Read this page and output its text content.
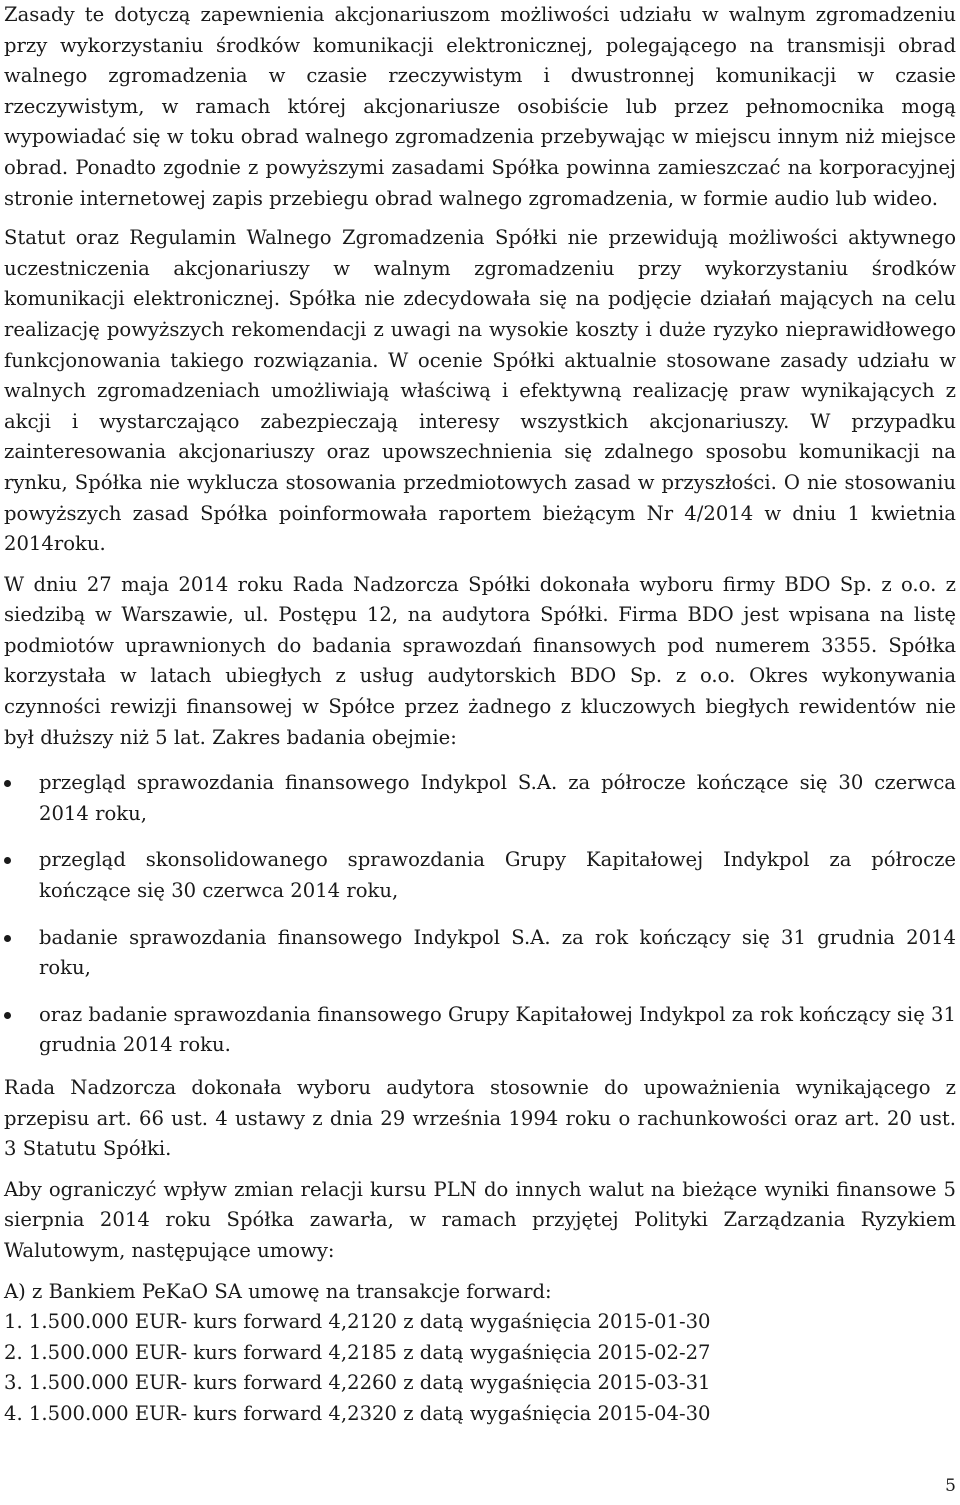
Zasady te dotyczą zapewnienia akcjonariuszom możliwości udziału w walnym zgromadzeniu przy wykorzystaniu środków komunikacji elektronicznej, polegającego na transmisji obrad walnego zgromadzenia w czasie rzeczywistym i dwustronnej komunikacji w czasie rzeczywistym, w ramach której akcjonariusze osobiście lub przez pełnomocnika mogą wypowiadać się w toku obrad walnego zgromadzenia przebywając w miejscu innym niż miejsce obrad. Ponadto zgodnie z powyższymi zasadami Spółka powinna zamieszczać na korporacyjnej stronie internetowej zapis przebiegu obrad walnego zgromadzenia, w formie audio lub wideo.

Statut oraz Regulamin Walnego Zgromadzenia Spółki nie przewidują możliwości aktywnego uczestniczenia akcjonariuszy w walnym zgromadzeniu przy wykorzystaniu środków komunikacji elektronicznej. Spółka nie zdecydowała się na podjęcie działań mających na celu realizację powyższych rekomendacji z uwagi na wysokie koszty i duże ryzyko nieprawidłowego funkcjonowania takiego rozwiązania. W ocenie Spółki aktualnie stosowane zasady udziału w walnych zgromadzeniach umożliwiają właściwą i efektywną realizację praw wynikających z akcji i wystarczająco zabezpieczają interesy wszystkich akcjonariuszy. W przypadku zainteresowania akcjonariuszy oraz upowszechnienia się zdalnego sposobu komunikacji na rynku, Spółka nie wyklucza stosowania przedmiotowych zasad w przyszłości. O nie stosowaniu powyższych zasad Spółka poinformowała raportem bieżącym Nr 4/2014 w dniu 1 kwietnia 2014roku.

W dniu 27 maja 2014 roku Rada Nadzorcza Spółki dokonała wyboru firmy BDO Sp. z o.o. z siedzibą w Warszawie, ul. Postępu 12, na audytora Spółki. Firma BDO jest wpisana na listę podmiotów uprawnionych do badania sprawozdań finansowych pod numerem 3355. Spółka korzystała w latach ubiegłych z usług audytorskich BDO Sp. z o.o. Okres wykonywania czynności rewizji finansowej w Spółce przez żadnego z kluczowych biegłych rewidentów nie był dłuższy niż 5 lat. Zakres badania obejmie:

przegląd sprawozdania finansowego Indykpol S.A. za półrocze kończące się 30 czerwca 2014 roku,
przegląd skonsolidowanego sprawozdania Grupy Kapitałowej Indykpol za półrocze kończące się 30 czerwca 2014 roku,
badanie sprawozdania finansowego Indykpol S.A. za rok kończący się 31 grudnia 2014 roku,
oraz badanie sprawozdania finansowego Grupy Kapitałowej Indykpol za rok kończący się 31 grudnia 2014 roku.

Rada Nadzorcza dokonała wyboru audytora stosownie do upoważnienia wynikającego z przepisu art. 66 ust. 4 ustawy z dnia 29 września 1994 roku o rachunkowości oraz art. 20 ust. 3 Statutu Spółki.

Aby ograniczyć wpływ zmian relacji kursu PLN do innych walut na bieżące wyniki finansowe 5 sierpnia 2014 roku Spółka zawarła, w ramach przyjętej Polityki Zarządzania Ryzykiem Walutowym, następujące umowy:

A) z Bankiem PeKaO SA umowę na transakcje forward:

1. 1.500.000 EUR- kurs forward 4,2120 z datą wygaśnięcia 2015-01-30
2. 1.500.000 EUR- kurs forward 4,2185 z datą wygaśnięcia 2015-02-27
3. 1.500.000 EUR- kurs forward 4,2260 z datą wygaśnięcia 2015-03-31
4. 1.500.000 EUR- kurs forward 4,2320 z datą wygaśnięcia 2015-04-30
5
